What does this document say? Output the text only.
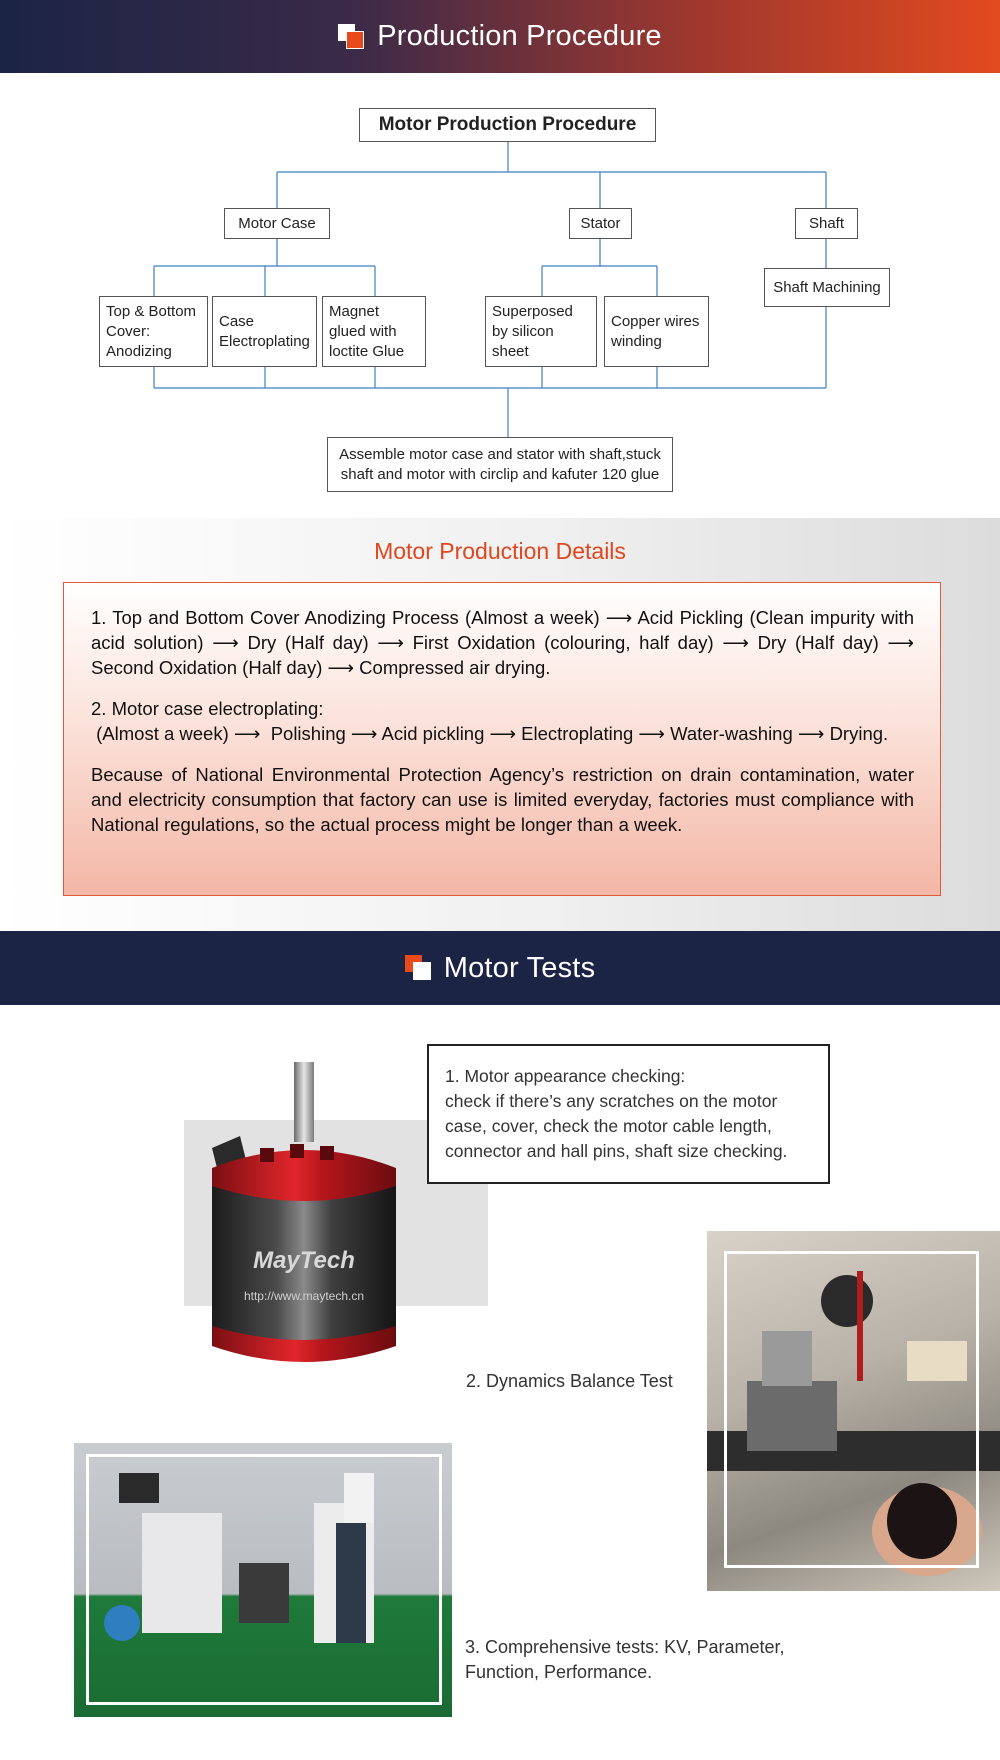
Production Procedure
Motor Production Procedure
Motor Case	Stator	Shaft
Top & Bottom Cover: Anodizing
Case Electroplating
Magnet glued with loctite Glue
Superposed by silicon sheet
Copper wires winding
Shaft Machining
Assemble motor case and stator with shaft,stuck shaft and motor with circlip and kafuter 120 glue
Motor Production Details

1. Top and Bottom Cover Anodizing Process (Almost a week) ⟶ Acid Pickling (Clean impurity with acid solution) ⟶ Dry (Half day) ⟶ First Oxidation (colouring, half day) ⟶ Dry (Half day) ⟶ Second Oxidation (Half day) ⟶ Compressed air drying.

2. Motor case electroplating:

(Almost a week) ⟶  Polishing ⟶ Acid pickling ⟶ Electroplating ⟶ Water-washing ⟶ Drying.

Because of National Environmental Protection Agency’s restriction on drain contamination, water and electricity consumption that factory can use is limited everyday, factories must compliance with National regulations, so the actual process might be longer than a week.

Motor Tests
MayTech
http://www.maytech.cn
1. Motor appearance checking:
check if there’s any scratches on the motor case, cover, check the motor cable length, connector and hall pins, shaft size checking.
2. Dynamics Balance Test
3. Comprehensive tests: KV, Parameter,
Function, Performance.
